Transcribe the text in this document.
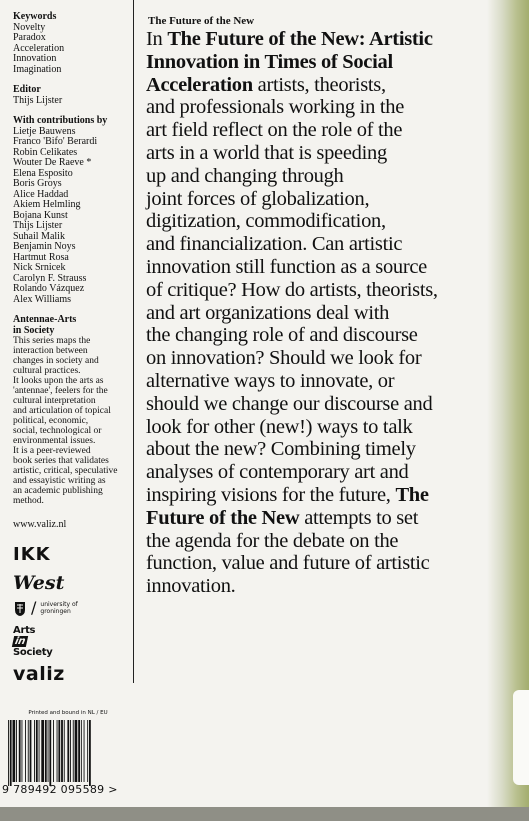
Keywords
Novelty
Paradox
Acceleration
Innovation
Imagination
Editor
Thijs Lijster
With contributions by
Lietje Bauwens
Franco 'Bifo' Berardi
Robin Celikates
Wouter De Raeve *
Elena Esposito
Boris Groys
Alice Haddad
Akiem Helmling
Bojana Kunst
Thijs Lijster
Suhail Malik
Benjamin Noys
Hartmut Rosa
Nick Srnicek
Carolyn F. Strauss
Rolando Vázquez
Alex Williams
Antennae-Arts
in Society
This series maps the
interaction between
changes in society and
cultural practices.
It looks upon the arts as
'antennae', feelers for the
cultural interpretation
and articulation of topical
political, economic,
social, technological or
environmental issues.
It is a peer-reviewed
book series that validates
artistic, critical, speculative
and essayistic writing as
an academic publishing
method.
www.valiz.nl
IKK
West
/ university of
groningen
Arts
in
Society
valiz
Printed and bound in NL / EU
9 789492 095589 >
The Future of the New
In The Future of the New: Artistic
Innovation in Times of Social
Acceleration artists, theorists,
and professionals working in the
art field reflect on the role of the
arts in a world that is speeding
up and changing through
joint forces of globalization,
digitization, commodification,
and financialization. Can artistic
innovation still function as a source
of critique? How do artists, theorists,
and art organizations deal with
the changing role of and discourse
on innovation? Should we look for
alternative ways to innovate, or
should we change our discourse and
look for other (new!) ways to talk
about the new? Combining timely
analyses of contemporary art and
inspiring visions for the future, The
Future of the New attempts to set
the agenda for the debate on the
function, value and future of artistic
innovation.
